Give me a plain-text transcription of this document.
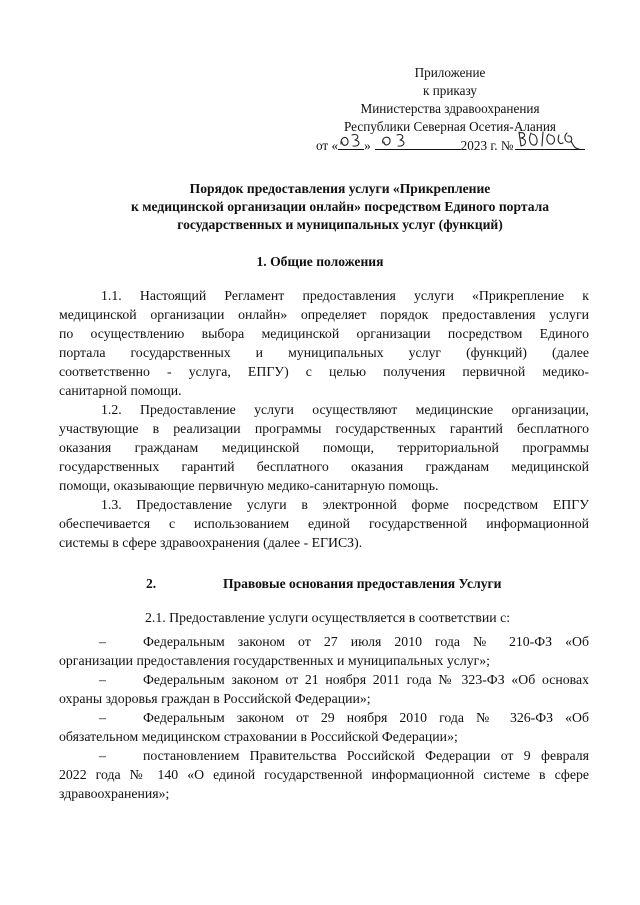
Приложение
к приказу
Министерства здравоохранения
Республики Северная Осетия-Алания
от « »	2023 г. №
Порядок предоставления услуги «Прикрепление
к медицинской организации онлайн» посредством Единого портала
государственных и муниципальных услуг (функций)
1. Общие положения
1.1. Настоящий Регламент предоставления услуги «Прикрепление к
медицинской организации онлайн» определяет порядок предоставления услуги
по осуществлению выбора медицинской организации посредством Единого
портала государственных и муниципальных услуг (функций) (далее
соответственно - услуга, ЕПГУ) с целью получения первичной медико-
санитарной помощи.
1.2. Предоставление услуги осуществляют медицинские организации,
участвующие в реализации программы государственных гарантий бесплатного
оказания гражданам медицинской помощи, территориальной программы
государственных гарантий бесплатного оказания гражданам медицинской
помощи, оказывающие первичную медико-санитарную помощь.
1.3. Предоставление услуги в электронной форме посредством ЕПГУ
обеспечивается с использованием единой государственной информационной
системы в сфере здравоохранения (далее - ЕГИСЗ).
2.	Правовые основания предоставления Услуги
2.1. Предоставление услуги осуществляется в соответствии с:
–	Федеральным законом от 27 июля 2010 года № 210-ФЗ «Об
организации предоставления государственных и муниципальных услуг»;
–	Федеральным законом от 21 ноября 2011 года № 323-ФЗ «Об основах
охраны здоровья граждан в Российской Федерации»;
–	Федеральным законом от 29 ноября 2010 года № 326-ФЗ «Об
обязательном медицинском страховании в Российской Федерации»;
–	постановлением Правительства Российской Федерации от 9 февраля
2022 года № 140 «О единой государственной информационной системе в сфере
здравоохранения»;
